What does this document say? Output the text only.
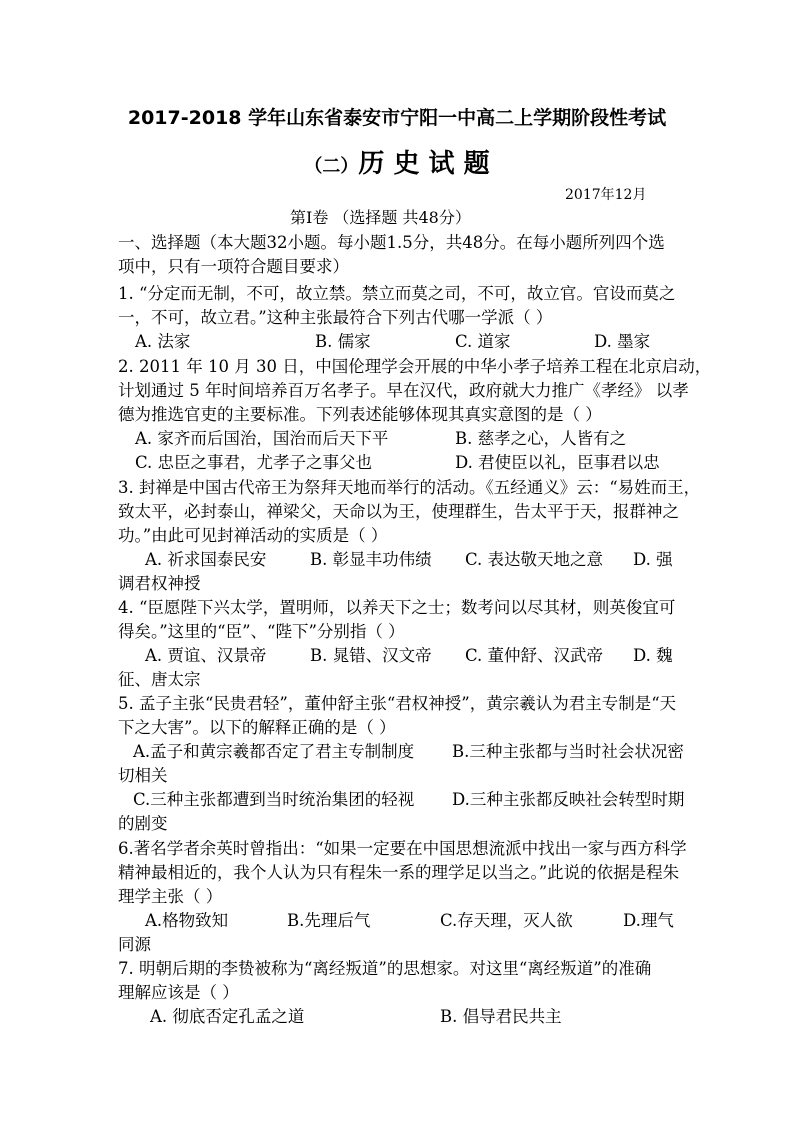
2017-2018 学年山东省泰安市宁阳一中高二上学期阶段性考试
（二）历 史 试 题
2017年12月
第Ⅰ卷 （选择题 共48分）
一、选择题（本大题32小题。每小题1.5分，共48分。在每小题所列四个选
项中，只有一项符合题目要求）
1. “分定而无制，不可，故立禁。禁立而莫之司，不可，故立官。官设而莫之
一，不可，故立君。”这种主张最符合下列古代哪一学派（ ）
A. 法家	B. 儒家	C. 道家	D. 墨家
2. 2011 年 10 月 30 日，中国伦理学会开展的中华小孝子培养工程在北京启动，
计划通过 5 年时间培养百万名孝子。早在汉代，政府就大力推广《孝经》 以孝
德为推选官吏的主要标准。下列表述能够体现其真实意图的是（ ）
A. 家齐而后国治，国治而后天下平	B. 慈孝之心，人皆有之
C. 忠臣之事君，尤孝子之事父也	D. 君使臣以礼，臣事君以忠
3. 封禅是中国古代帝王为祭拜天地而举行的活动。《五经通义》云：“易姓而王，
致太平，必封泰山，禅梁父，天命以为王，使理群生，告太平于天，报群神之
功。”由此可见封禅活动的实质是（ ）
A. 祈求国泰民安	B. 彰显丰功伟绩 C. 表达敬天地之意 D. 强
调君权神授
4. “臣愿陛下兴太学，置明师，以养天下之士；数考问以尽其材，则英俊宜可
得矣。”这里的“臣”、“陛下”分别指（ ）
A. 贾谊、汉景帝	B. 晁错、汉文帝 C. 董仲舒、汉武帝 D. 魏
征、唐太宗
5. 孟子主张“民贵君轻”，董仲舒主张“君权神授”，黄宗羲认为君主专制是“天
下之大害”。以下的解释正确的是（ ）
A.孟子和黄宗羲都否定了君主专制制度 B.三种主张都与当时社会状况密
切相关
C.三种主张都遭到当时统治集团的轻视 D.三种主张都反映社会转型时期
的剧变
6.著名学者余英时曾指出：“如果一定要在中国思想流派中找出一家与西方科学
精神最相近的，我个人认为只有程朱一系的理学足以当之。”此说的依据是程朱
理学主张（ ）
A.格物致知	B.先理后气	C.存天理，灭人欲	D.理气
同源
7. 明朝后期的李贽被称为“离经叛道”的思想家。对这里“离经叛道”的准确
理解应该是（ ）
A. 彻底否定孔孟之道	B. 倡导君民共主
